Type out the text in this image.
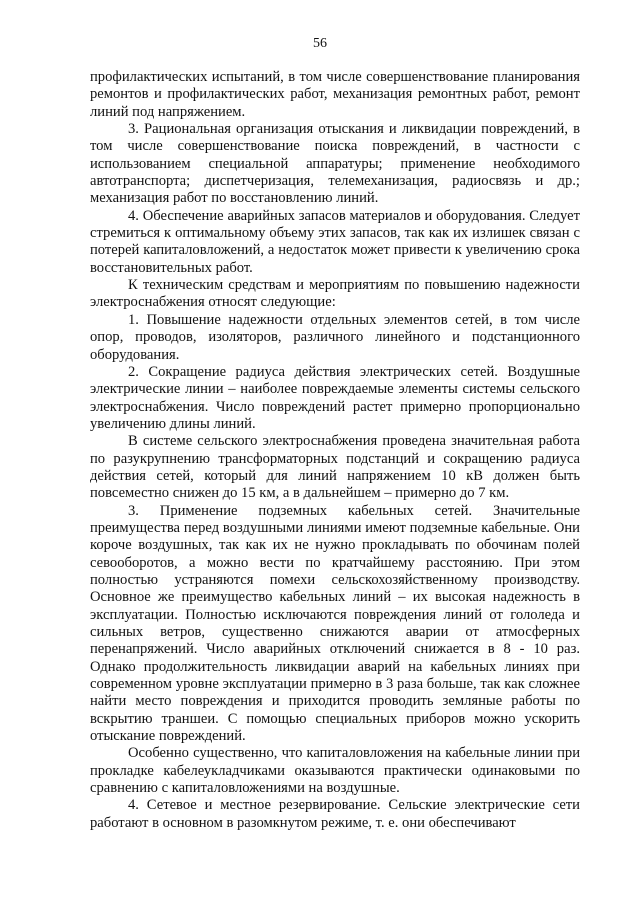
56

профилактических испытаний, в том числе совершенствование планирования ремонтов и профилактических работ, механизация ремонтных работ, ремонт линий под напряжением.

3. Рациональная организация отыскания и ликвидации повреждений, в том числе совершенствование поиска повреждений, в частности с использованием специальной аппаратуры; применение необходимого автотранспорта; диспетчеризация, телемеханизация, радиосвязь и др.; механизация работ по восстановлению линий.

4. Обеспечение аварийных запасов материалов и оборудования. Следует стремиться к оптимальному объему этих запасов, так как их излишек связан с потерей капиталовложений, а недостаток может привести к увеличению срока восстановительных работ.

К техническим средствам и мероприятиям по повышению надежности электроснабжения относят следующие:

1. Повышение надежности отдельных элементов сетей, в том числе опор, проводов, изоляторов, различного линейного и подстанционного оборудования.

2. Сокращение радиуса действия электрических сетей. Воздушные электрические линии – наиболее повреждаемые элементы системы сельского электроснабжения. Число повреждений растет примерно пропорционально увеличению длины линий.

В системе сельского электроснабжения проведена значительная работа по разукрупнению трансформаторных подстанций и сокращению радиуса действия сетей, который для линий напряжением 10 кВ должен быть повсеместно снижен до 15 км, а в дальнейшем – примерно до 7 км.

3. Применение подземных кабельных сетей. Значительные преимущества перед воздушными линиями имеют подземные кабельные. Они короче воздушных, так как их не нужно прокладывать по обочинам полей севооборотов, а можно вести по кратчайшему расстоянию. При этом полностью устраняются помехи сельскохозяйственному производству. Основное же преимущество кабельных линий – их высокая надежность в эксплуатации. Полностью исключаются повреждения линий от гололеда и сильных ветров, существенно снижаются аварии от атмосферных перенапряжений. Число аварийных отключений снижается в 8 - 10 раз. Однако продолжительность ликвидации аварий на кабельных линиях при современном уровне эксплуатации примерно в 3 раза больше, так как сложнее найти место повреждения и приходится проводить земляные работы по вскрытию траншеи. С помощью специальных приборов можно ускорить отыскание повреждений.

Особенно существенно, что капиталовложения на кабельные линии при прокладке кабелеукладчиками оказываются практически одинаковыми по сравнению с капиталовложениями на воздушные.

4. Сетевое и местное резервирование. Сельские электрические сети работают в основном в разомкнутом режиме, т. е. они обеспечивают
